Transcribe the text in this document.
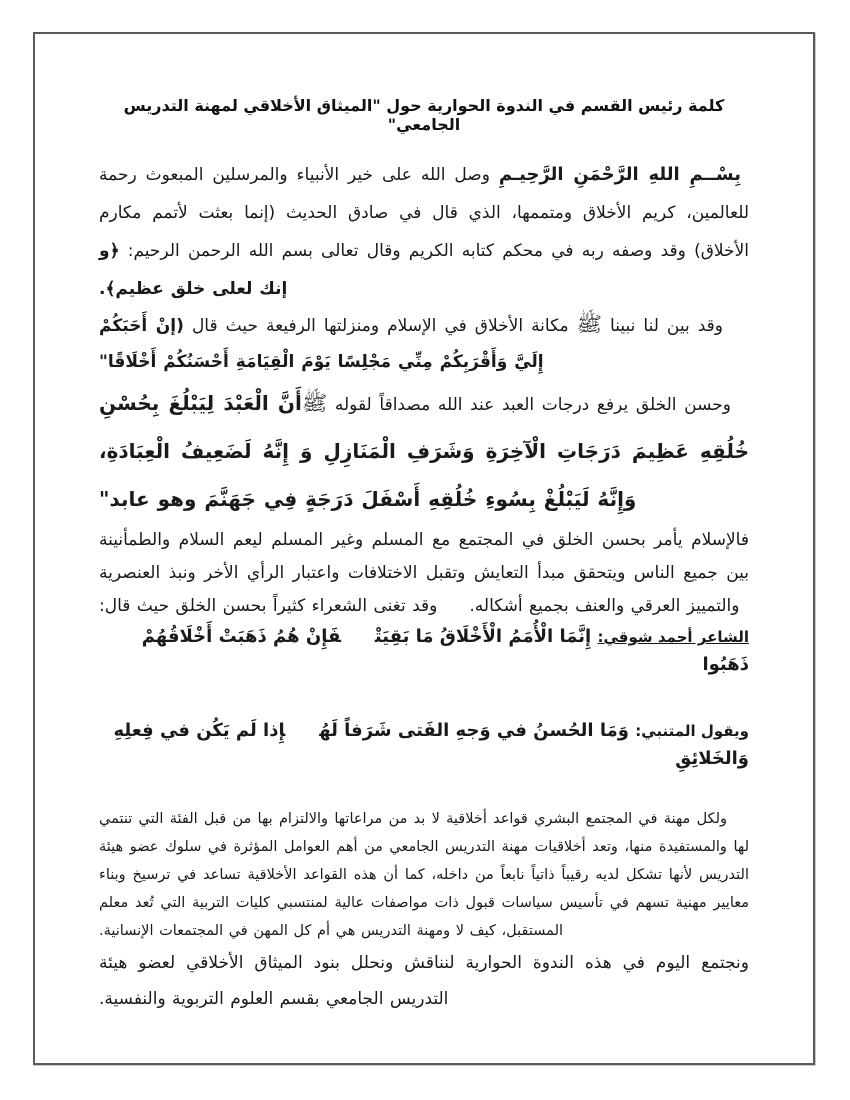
كلمة رئيس القسم في الندوة الحوارية حول "الميثاق الأخلاقي لمهنة التدريس الجامعي"

بِسْــمِ اللهِ الرَّحْمَنِ الرَّحِيـمِ وصل الله على خير الأنبياء والمرسلين المبعوث رحمة للعالمين، كريم الأخلاق ومتممها، الذي قال في صادق الحديث (إنما بعثت لأتمم مكارم الأخلاق) وقد وصفه ربه في محكم كتابه الكريم وقال تعالى بسم الله الرحمن الرحيم: ﴿و إنك لعلى خلق عظيم﴾.

وقد بين لنا نبينا ﷺ مكانة الأخلاق في الإسلام ومنزلتها الرفيعة حيث قال (إنْ أَحَبَكُمْ إِلَيَّ وَأَقْرَبِكُمْ مِنِّي مَجْلِسًا يَوْمَ الْقِيَامَةِ أَحْسَنُكُمْ أَخْلَاقًا"

وحسن الخلق يرفع درجات العبد عند الله مصداقاً لقوله ﷺأَنَّ الْعَبْدَ لِيَبْلُغَ بِحُسْنِ خُلُقِهِ عَظِيمَ دَرَجَاتِ الْآخِرَةِ وَشَرَفِ الْمَنَازِلِ وَ إِنَّهُ لَضَعِيفُ الْعِبَادَةِ، وَإِنَّهُ لَيَبْلُغْ بِسُوءِ خُلُقِهِ أَسْفَلَ دَرَجَةٍ فِي جَهَنَّمَ وهو عابد"

فالإسلام يأمر بحسن الخلق في المجتمع مع المسلم وغير المسلم ليعم السلام والطمأنينة بين جميع الناس ويتحقق مبدأ التعايش وتقبل الاختلافات واعتبار الرأي الأخر ونبذ العنصرية والتمييز العرقي والعنف بجميع أشكاله.     وقد تغنى الشعراء كثيراً بحسن الخلق حيث قال:

الشاعر أحمد شوقي: إِنَّمَا الْأُمَمُ الْأَخْلَاقُ مَا بَقِيَتْفَإِنْ هُمُ ذَهَبَتْ أَخْلَاقُهُمْ ذَهَبُوا

ويقول المتنبي: وَمَا الحُسنُ في وَجهِ الفَتى شَرَفاً لَهُإِذا لَم يَكُن في فِعلِهِ وَالخَلائِقِ

ولكل مهنة في المجتمع البشري قواعد أخلاقية لا بد من مراعاتها والالتزام بها من قبل الفئة التي تنتمي لها والمستفيدة منها، وتعد أخلاقيات مهنة التدريس الجامعي من أهم العوامل المؤثرة في سلوك عضو هيئة التدريس لأنها تشكل لديه رقيباً ذاتياً نابعاً من داخله، كما أن هذه القواعد الأخلاقية تساعد في ترسيخ وبناء معايير مهنية تسهم في تأسيس سياسات قبول ذات مواصفات عالية لمنتسبي كليات التربية التي تُعد معلم المستقبل، كيف لا ومهنة التدريس هي أم كل المهن في المجتمعات الإنسانية.

ونجتمع اليوم في هذه الندوة الحوارية لنناقش ونحلل بنود الميثاق الأخلاقي لعضو هيئة التدريس الجامعي بقسم العلوم التربوية والنفسية.
